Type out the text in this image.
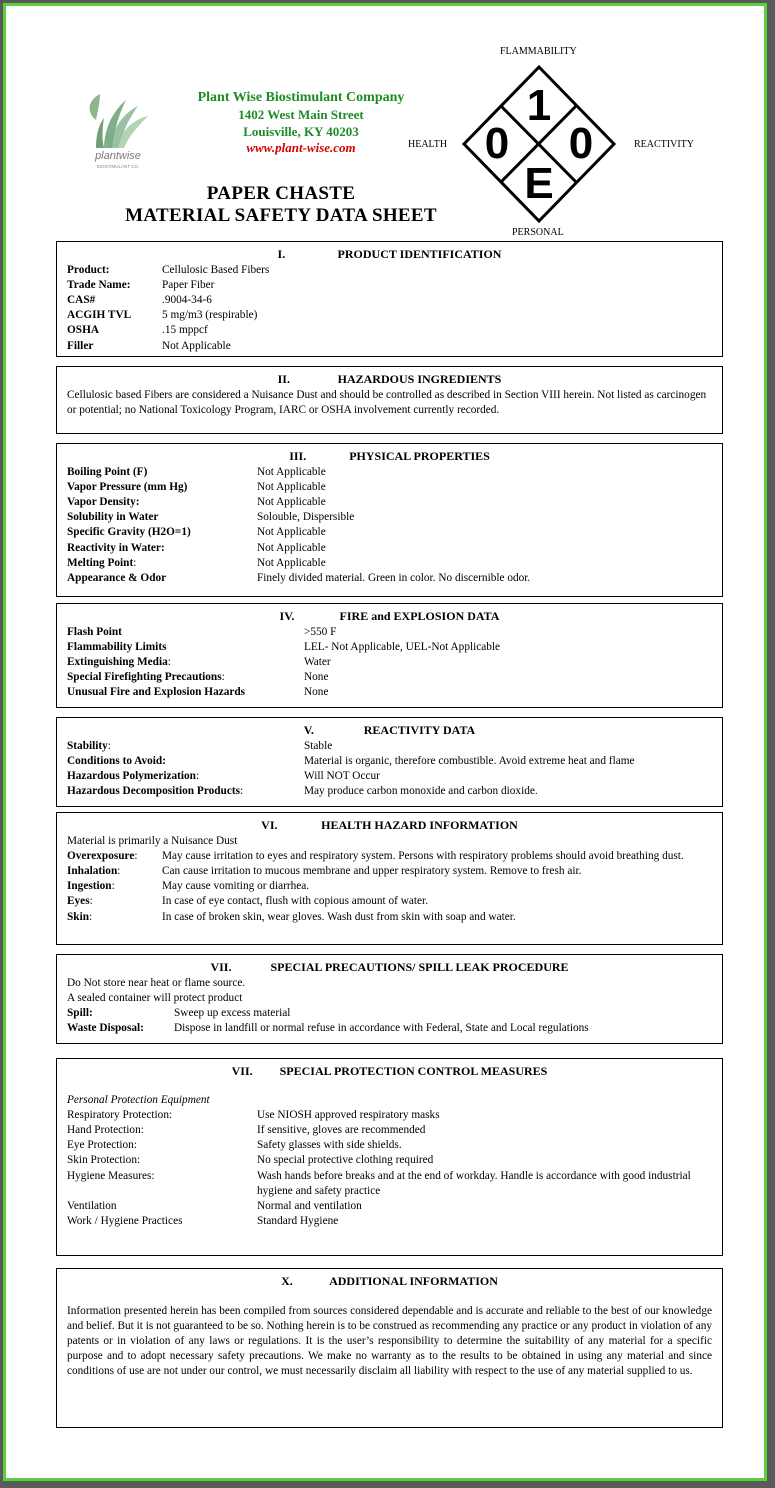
plantwise
BIOSTIMULANT CO.
Plant Wise Biostimulant Company
1402 West Main Street
Louisville, KY 40203
www.plant-wise.com
PAPER CHASTE
MATERIAL SAFETY DATA SHEET
FLAMMABILITY
HEALTH	REACTIVITY
PERSONAL
1
0 0
E
I.	PRODUCT IDENTIFICATION
Product:	Cellulosic Based Fibers
Trade Name:	Paper Fiber
CAS#	.9004-34-6
ACGIH TVL	5 mg/m3 (respirable)
OSHA	.15 mppcf
Filler	Not Applicable
II.	HAZARDOUS INGREDIENTS

Cellulosic based Fibers are considered a Nuisance Dust and should be controlled as described in Section VIII herein. Not listed as carcinogen or potential; no National Toxicology Program, IARC or OSHA involvement currently recorded.

III.	PHYSICAL PROPERTIES
Boiling Point (F)	Not Applicable
Vapor Pressure (mm Hg)	Not Applicable
Vapor Density:	Not Applicable
Solubility in Water	Solouble, Dispersible
Specific Gravity (H2O=1)	Not Applicable
Reactivity in Water:	Not Applicable
Melting Point:	Not Applicable
Appearance & Odor	Finely divided material. Green in color. No discernible odor.
IV.	FIRE and EXPLOSION DATA
Flash Point	>550 F
Flammability Limits	LEL- Not Applicable, UEL-Not Applicable
Extinguishing Media:	Water
Special Firefighting Precautions:	None
Unusual Fire and Explosion Hazards	None
V.	REACTIVITY DATA
Stability:	Stable
Conditions to Avoid:	Material is organic, therefore combustible. Avoid extreme heat and flame
Hazardous Polymerization:	Will NOT Occur
Hazardous Decomposition Products:	May produce carbon monoxide and carbon dioxide.
VI.	HEALTH HAZARD INFORMATION
Material is primarily a Nuisance Dust
Overexposure:	May cause irritation to eyes and respiratory system. Persons with respiratory problems should avoid breathing dust.
Inhalation:	Can cause irritation to mucous membrane and upper respiratory system. Remove to fresh air.
Ingestion:	May cause vomiting or diarrhea.
Eyes:	In case of eye contact, flush with copious amount of water.
Skin:	In case of broken skin, wear gloves. Wash dust from skin with soap and water.
VII.	SPECIAL PRECAUTIONS/ SPILL LEAK PROCEDURE
Do Not store near heat or flame source.
A sealed container will protect product
Spill:	Sweep up excess material
Waste Disposal:	Dispose in landfill or normal refuse in accordance with Federal, State and Local regulations
VII. SPECIAL PROTECTION CONTROL MEASURES
Personal Protection Equipment
Respiratory Protection:	Use NIOSH approved respiratory masks
Hand Protection:	If sensitive, gloves are recommended
Eye Protection:	Safety glasses with side shields.
Skin Protection:	No special protective clothing required
Hygiene Measures:	Wash hands before breaks and at the end of workday. Handle is accordance with good industrial hygiene and safety practice
Ventilation	Normal and ventilation
Work / Hygiene Practices	Standard Hygiene
X.	ADDITIONAL INFORMATION

Information presented herein has been compiled from sources considered dependable and is accurate and reliable to the best of our knowledge and belief. But it is not guaranteed to be so. Nothing herein is to be construed as recommending any practice or any product in violation of any patents or in violation of any laws or regulations. It is the user’s responsibility to determine the suitability of any material for a specific purpose and to adopt necessary safety precautions. We make no warranty as to the results to be obtained in using any material and since conditions of use are not under our control, we must necessarily disclaim all liability with respect to the use of any material supplied to us.
